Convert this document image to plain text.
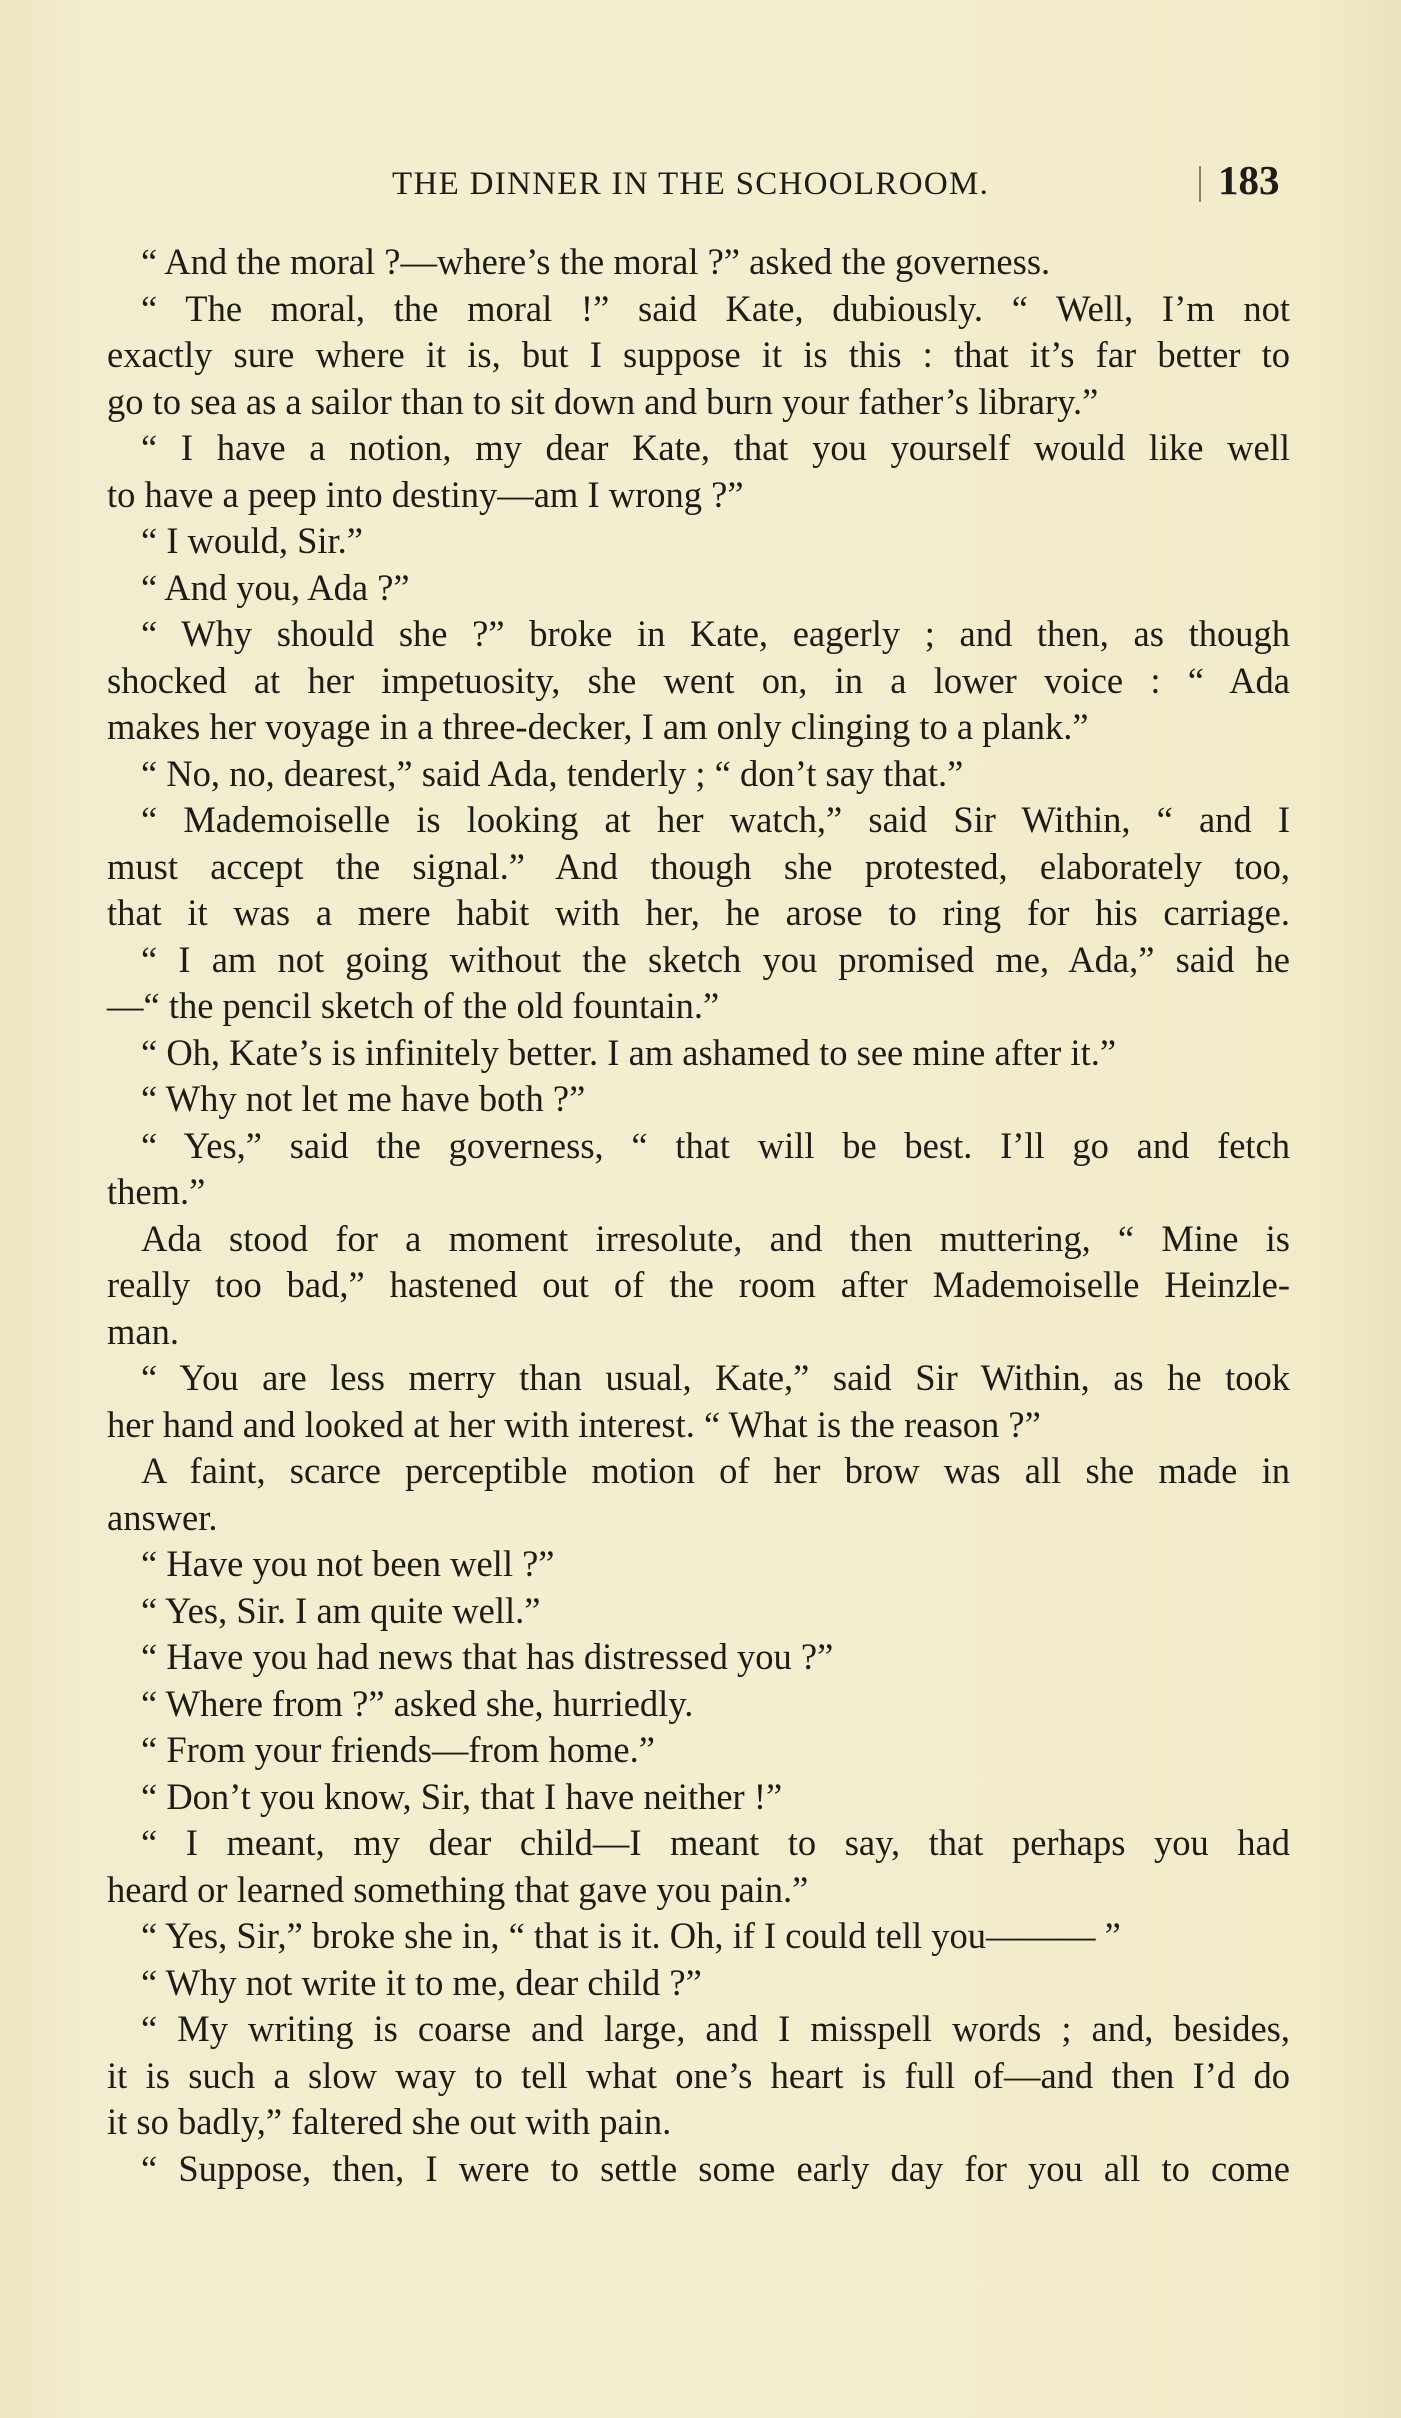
THE DINNER IN THE SCHOOLROOM.	183
“ And the moral ?—where’s the moral ?” asked the governess.
“ The moral, the moral !” said Kate, dubiously. “ Well, I’m not
exactly sure where it is, but I suppose it is this : that it’s far better to
go to sea as a sailor than to sit down and burn your father’s library.”
“ I have a notion, my dear Kate, that you yourself would like well
to have a peep into destiny—am I wrong ?”
“ I would, Sir.”
“ And you, Ada ?”
“ Why should she ?” broke in Kate, eagerly ; and then, as though
shocked at her impetuosity, she went on, in a lower voice : “ Ada
makes her voyage in a three-decker, I am only clinging to a plank.”
“ No, no, dearest,” said Ada, tenderly ; “ don’t say that.”
“ Mademoiselle is looking at her watch,” said Sir Within, “ and I
must accept the signal.” And though she protested, elaborately too,
that it was a mere habit with her, he arose to ring for his carriage.
“ I am not going without the sketch you promised me, Ada,” said he
—“ the pencil sketch of the old fountain.”
“ Oh, Kate’s is infinitely better. I am ashamed to see mine after it.”
“ Why not let me have both ?”
“ Yes,” said the governess, “ that will be best. I’ll go and fetch
them.”
Ada stood for a moment irresolute, and then muttering, “ Mine is
really too bad,” hastened out of the room after Mademoiselle Heinzle-
man.
“ You are less merry than usual, Kate,” said Sir Within, as he took
her hand and looked at her with interest. “ What is the reason ?”
A faint, scarce perceptible motion of her brow was all she made in
answer.
“ Have you not been well ?”
“ Yes, Sir. I am quite well.”
“ Have you had news that has distressed you ?”
“ Where from ?” asked she, hurriedly.
“ From your friends—from home.”
“ Don’t you know, Sir, that I have neither !”
“ I meant, my dear child—I meant to say, that perhaps you had
heard or learned something that gave you pain.”
“ Yes, Sir,” broke she in, “ that is it. Oh, if I could tell you——— ”
“ Why not write it to me, dear child ?”
“ My writing is coarse and large, and I misspell words ; and, besides,
it is such a slow way to tell what one’s heart is full of—and then I’d do
it so badly,” faltered she out with pain.
“ Suppose, then, I were to settle some early day for you all to come
